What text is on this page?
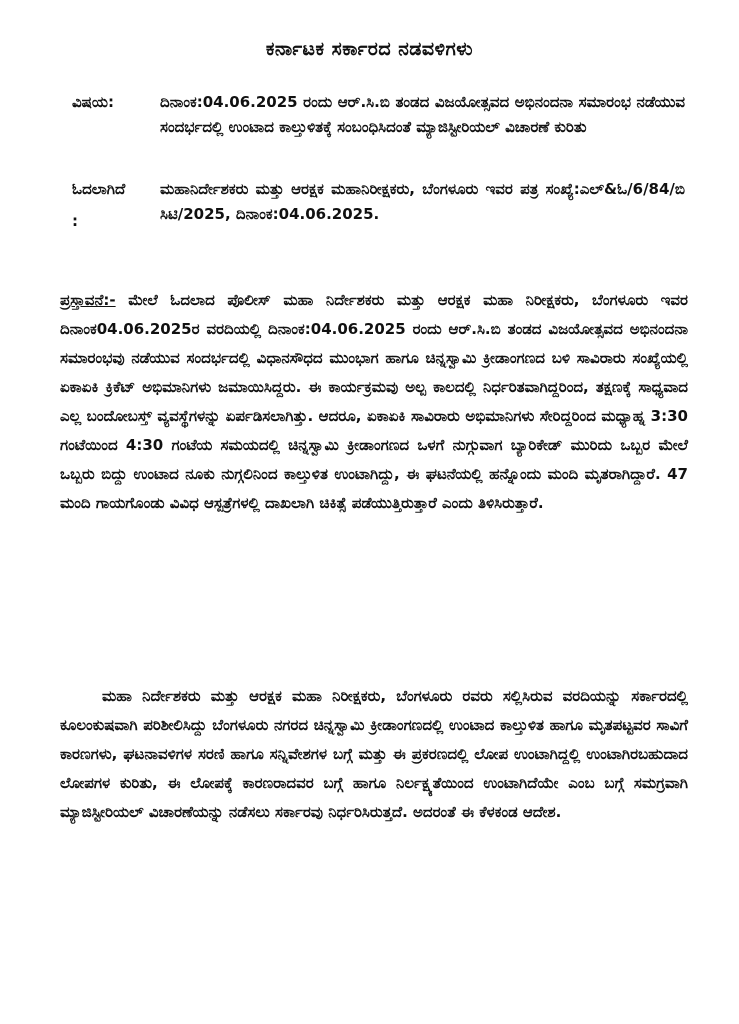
ಕರ್ನಾಟಕ ಸರ್ಕಾರದ ನಡವಳಿಗಳು
ವಿಷಯ:	ದಿನಾಂಕ:04.06.2025 ರಂದು ಆರ್.ಸಿ.ಬಿ ತಂಡದ ವಿಜಯೋತ್ಸವದ ಅಭಿನಂದನಾ ಸಮಾರಂಭ ನಡೆಯುವ ಸಂದರ್ಭದಲ್ಲಿ ಉಂಟಾದ ಕಾಲ್ತುಳಿತಕ್ಕೆ ಸಂಬಂಧಿಸಿದಂತೆ ಮ್ಯಾಜಿಸ್ಟೀರಿಯಲ್ ವಿಚಾರಣೆ ಕುರಿತು
ಓದಲಾಗಿದೆ
:
ಮಹಾನಿರ್ದೇಶಕರು ಮತ್ತು ಆರಕ್ಷಕ ಮಹಾನಿರೀಕ್ಷಕರು, ಬೆಂಗಳೂರು ಇವರ ಪತ್ರ ಸಂಖ್ಯೆ:ಎಲ್&ಓ/6/84/ಬಿ ಸಿಟಿ/2025, ದಿನಾಂಕ:04.06.2025.

ಪ್ರಸ್ತಾವನೆ:- ಮೇಲೆ ಓದಲಾದ ಪೊಲೀಸ್ ಮಹಾ ನಿರ್ದೇಶಕರು ಮತ್ತು ಆರಕ್ಷಕ ಮಹಾ ನಿರೀಕ್ಷಕರು, ಬೆಂಗಳೂರು ಇವರ ದಿನಾಂಕ04.06.2025ರ ವರದಿಯಲ್ಲಿ ದಿನಾಂಕ:04.06.2025 ರಂದು ಆರ್.ಸಿ.ಬಿ ತಂಡದ ವಿಜಯೋತ್ಸವದ ಅಭಿನಂದನಾ ಸಮಾರಂಭವು ನಡೆಯುವ ಸಂದರ್ಭದಲ್ಲಿ ವಿಧಾನಸೌಧದ ಮುಂಭಾಗ ಹಾಗೂ ಚಿನ್ನಸ್ವಾಮಿ ಕ್ರೀಡಾಂಗಣದ ಬಳಿ ಸಾವಿರಾರು ಸಂಖ್ಯೆಯಲ್ಲಿ ಏಕಾಏಕಿ ಕ್ರಿಕೆಟ್ ಅಭಿಮಾನಿಗಳು ಜಮಾಯಿಸಿದ್ದರು. ಈ ಕಾರ್ಯಕ್ರಮವು ಅಲ್ಪ ಕಾಲದಲ್ಲಿ ನಿರ್ಧರಿತವಾಗಿದ್ದರಿಂದ, ತಕ್ಷಣಕ್ಕೆ ಸಾಧ್ಯವಾದ ಎಲ್ಲ ಬಂದೋಬಸ್ತ್ ವ್ಯವಸ್ಥೆಗಳನ್ನು ಏರ್ಪಡಿಸಲಾಗಿತ್ತು. ಆದರೂ, ಏಕಾಏಕಿ ಸಾವಿರಾರು ಅಭಿಮಾನಿಗಳು ಸೇರಿದ್ದರಿಂದ ಮಧ್ಯಾಹ್ನ 3:30 ಗಂಟೆಯಿಂದ 4:30 ಗಂಟೆಯ ಸಮಯದಲ್ಲಿ ಚಿನ್ನಸ್ವಾಮಿ ಕ್ರೀಡಾಂಗಣದ ಒಳಗೆ ನುಗ್ಗುವಾಗ ಬ್ಯಾರಿಕೇಡ್ ಮುರಿದು ಒಬ್ಬರ ಮೇಲೆ ಒಬ್ಬರು ಬಿದ್ದು ಉಂಟಾದ ನೂಕು ನುಗ್ಗಲಿನಿಂದ ಕಾಲ್ತುಳಿತ ಉಂಟಾಗಿದ್ದು, ಈ ಘಟನೆಯಲ್ಲಿ ಹನ್ನೊಂದು ಮಂದಿ ಮೃತರಾಗಿದ್ದಾರೆ. 47 ಮಂದಿ ಗಾಯಗೊಂಡು ವಿವಿಧ ಆಸ್ಪತ್ರೆಗಳಲ್ಲಿ ದಾಖಲಾಗಿ ಚಿಕಿತ್ಸೆ ಪಡೆಯುತ್ತಿರುತ್ತಾರೆ ಎಂದು ತಿಳಿಸಿರುತ್ತಾರೆ.

ಮಹಾ ನಿರ್ದೇಶಕರು ಮತ್ತು ಆರಕ್ಷಕ ಮಹಾ ನಿರೀಕ್ಷಕರು, ಬೆಂಗಳೂರು ರವರು ಸಲ್ಲಿಸಿರುವ ವರದಿಯನ್ನು ಸರ್ಕಾರದಲ್ಲಿ ಕೂಲಂಕುಷವಾಗಿ ಪರಿಶೀಲಿಸಿದ್ದು ಬೆಂಗಳೂರು ನಗರದ ಚಿನ್ನಸ್ವಾಮಿ ಕ್ರೀಡಾಂಗಣದಲ್ಲಿ ಉಂಟಾದ ಕಾಲ್ತುಳಿತ ಹಾಗೂ ಮೃತಪಟ್ಟವರ ಸಾವಿಗೆ ಕಾರಣಗಳು, ಘಟನಾವಳಿಗಳ ಸರಣಿ ಹಾಗೂ ಸನ್ನಿವೇಶಗಳ ಬಗ್ಗೆ ಮತ್ತು ಈ ಪ್ರಕರಣದಲ್ಲಿ ಲೋಪ ಉಂಟಾಗಿದ್ದಲ್ಲಿ ಉಂಟಾಗಿರಬಹುದಾದ ಲೋಪಗಳ ಕುರಿತು, ಈ ಲೋಪಕ್ಕೆ ಕಾರಣರಾದವರ ಬಗ್ಗೆ ಹಾಗೂ ನಿರ್ಲಕ್ಷ್ಯತೆಯಿಂದ ಉಂಟಾಗಿದೆಯೇ ಎಂಬ ಬಗ್ಗೆ ಸಮಗ್ರವಾಗಿ ಮ್ಯಾಜಿಸ್ಟೀರಿಯಲ್ ವಿಚಾರಣೆಯನ್ನು ನಡೆಸಲು ಸರ್ಕಾರವು ನಿರ್ಧರಿಸಿರುತ್ತದೆ. ಅದರಂತೆ ಈ ಕೆಳಕಂಡ ಆದೇಶ.
